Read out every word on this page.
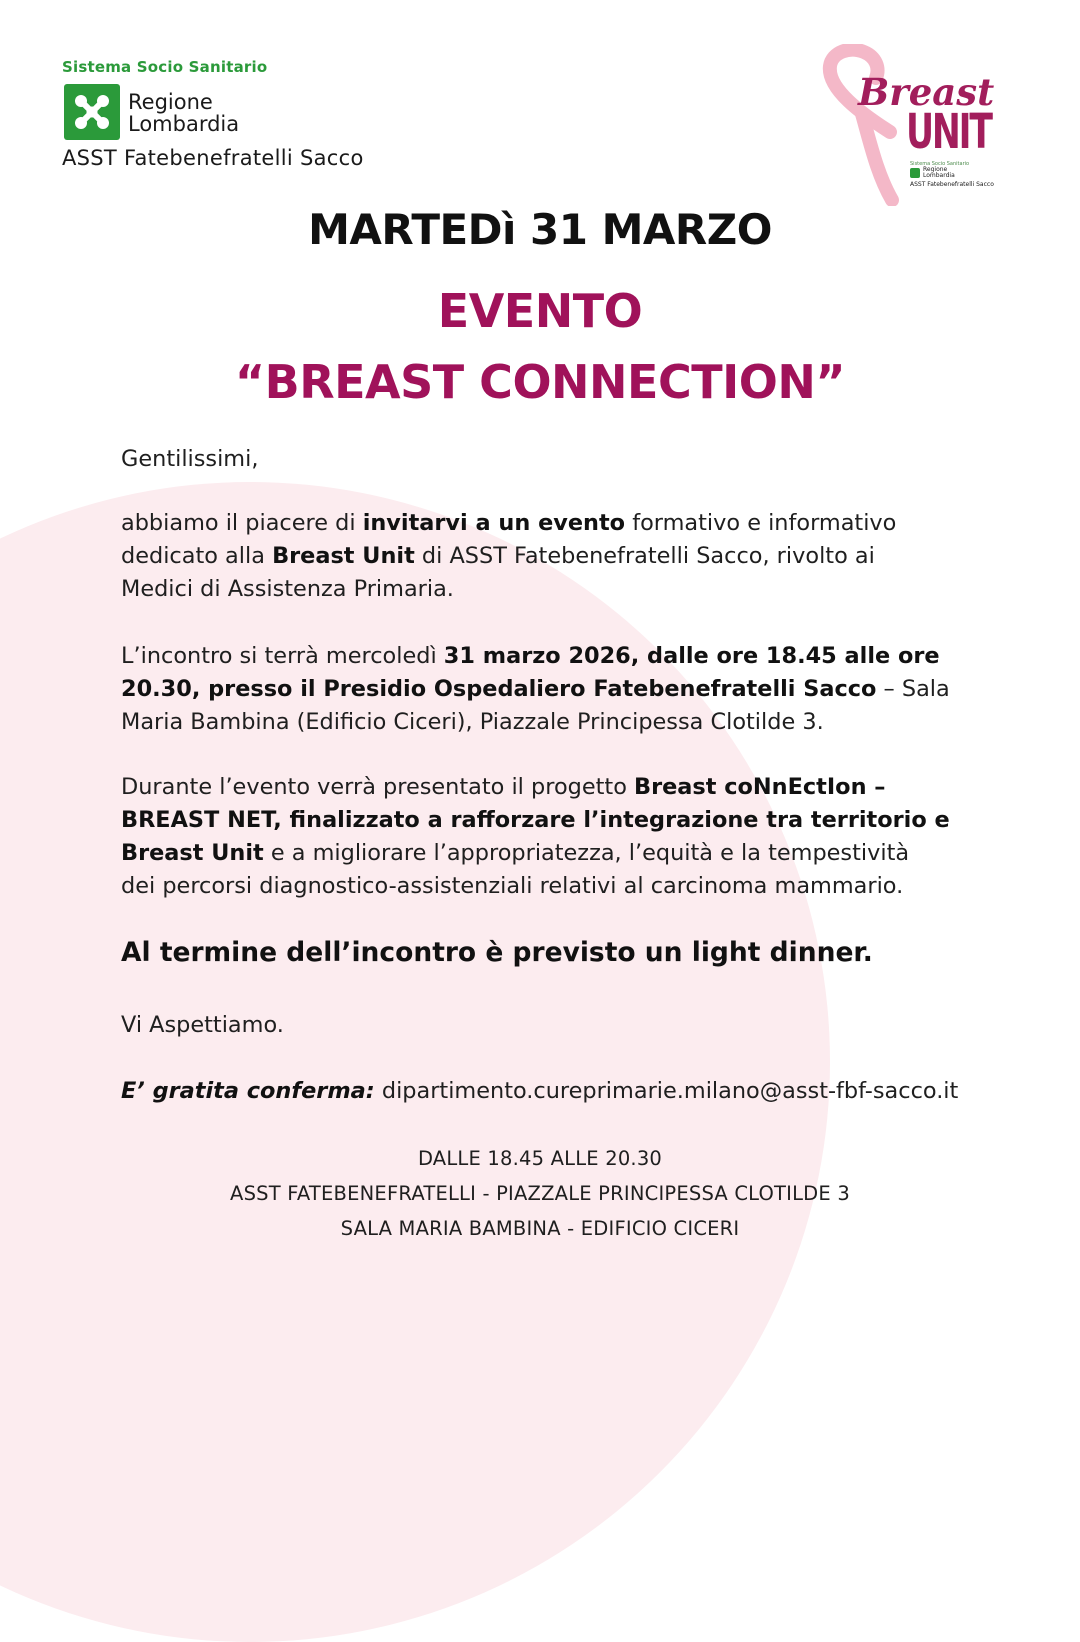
Sistema Socio Sanitario
Regione
Lombardia
ASST Fatebenefratelli Sacco
Breast
UNIT
Sistema Socio Sanitario
Regione
Lombardia
ASST Fatebenefratelli Sacco
MARTEDì 31 MARZO
EVENTO
“BREAST CONNECTION”
Gentilissimi,
abbiamo il piacere di invitarvi a un evento formativo e informativo
dedicato alla Breast Unit di ASST Fatebenefratelli Sacco, rivolto ai
Medici di Assistenza Primaria.
L’incontro si terrà mercoledì 31 marzo 2026, dalle ore 18.45 alle ore
20.30, presso il Presidio Ospedaliero Fatebenefratelli Sacco – Sala
Maria Bambina (Edificio Ciceri), Piazzale Principessa Clotilde 3.
Durante l’evento verrà presentato il progetto Breast coNnEctIon –
BREAST NET, finalizzato a rafforzare l’integrazione tra territorio e
Breast Unit e a migliorare l’appropriatezza, l’equità e la tempestività
dei percorsi diagnostico-assistenziali relativi al carcinoma mammario.
Al termine dell’incontro è previsto un light dinner.
Vi Aspettiamo.
E’ gratita conferma: dipartimento.cureprimarie.milano@asst-fbf-sacco.it
DALLE 18.45 ALLE 20.30
ASST FATEBENEFRATELLI - PIAZZALE PRINCIPESSA CLOTILDE 3
SALA MARIA BAMBINA - EDIFICIO CICERI
